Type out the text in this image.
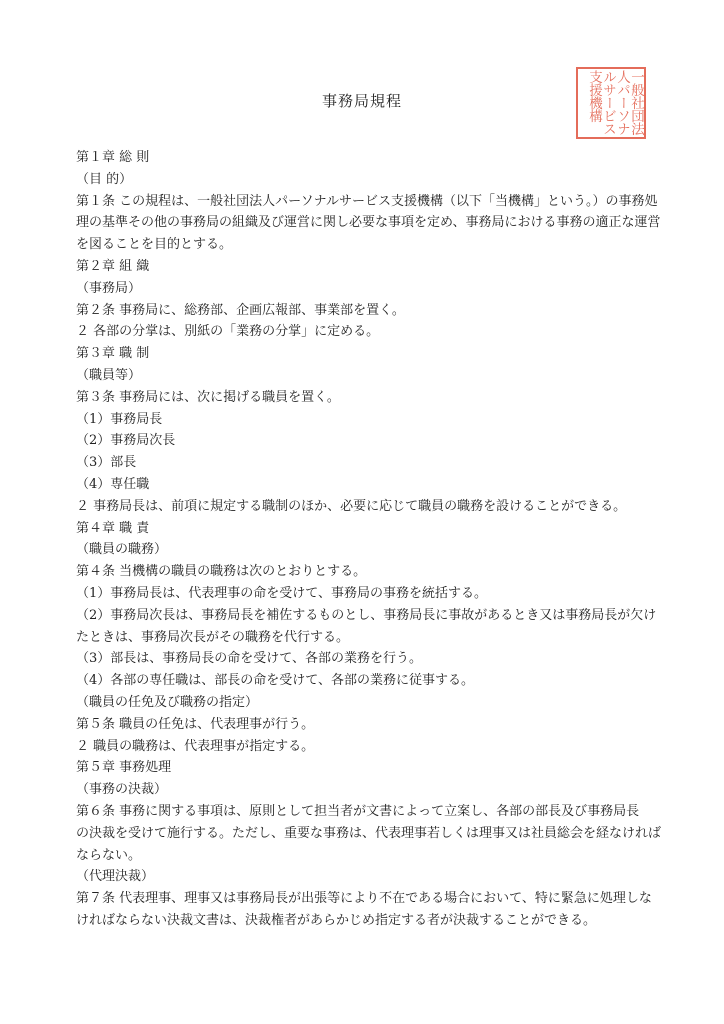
事務局規程	一般社団法人パーソナルサービス支援機構
第１章 総 則
（目 的）
第１条 この規程は、一般社団法人パーソナルサービス支援機構（以下「当機構」という。）の事務処
理の基準その他の事務局の組織及び運営に関し必要な事項を定め、事務局における事務の適正な運営
を図ることを目的とする。
第２章 組 織
（事務局）
第２条 事務局に、総務部、企画広報部、事業部を置く。
２ 各部の分掌は、別紙の「業務の分掌」に定める。
第３章 職 制
（職員等）
第３条 事務局には、次に掲げる職員を置く。
（1）事務局長
（2）事務局次長
（3）部長
（4）専任職
２ 事務局長は、前項に規定する職制のほか、必要に応じて職員の職務を設けることができる。
第４章 職 責
（職員の職務）
第４条 当機構の職員の職務は次のとおりとする。
（1）事務局長は、代表理事の命を受けて、事務局の事務を統括する。
（2）事務局次長は、事務局長を補佐するものとし、事務局長に事故があるとき又は事務局長が欠け
たときは、事務局次長がその職務を代行する。
（3）部長は、事務局長の命を受けて、各部の業務を行う。
（4）各部の専任職は、部長の命を受けて、各部の業務に従事する。
（職員の任免及び職務の指定）
第５条 職員の任免は、代表理事が行う。
２ 職員の職務は、代表理事が指定する。
第５章 事務処理
（事務の決裁）
第６条 事務に関する事項は、原則として担当者が文書によって立案し、各部の部長及び事務局長
の決裁を受けて施行する。ただし、重要な事務は、代表理事若しくは理事又は社員総会を経なければ
ならない。
（代理決裁）
第７条 代表理事、理事又は事務局長が出張等により不在である場合において、特に緊急に処理しな
ければならない決裁文書は、決裁権者があらかじめ指定する者が決裁することができる。
